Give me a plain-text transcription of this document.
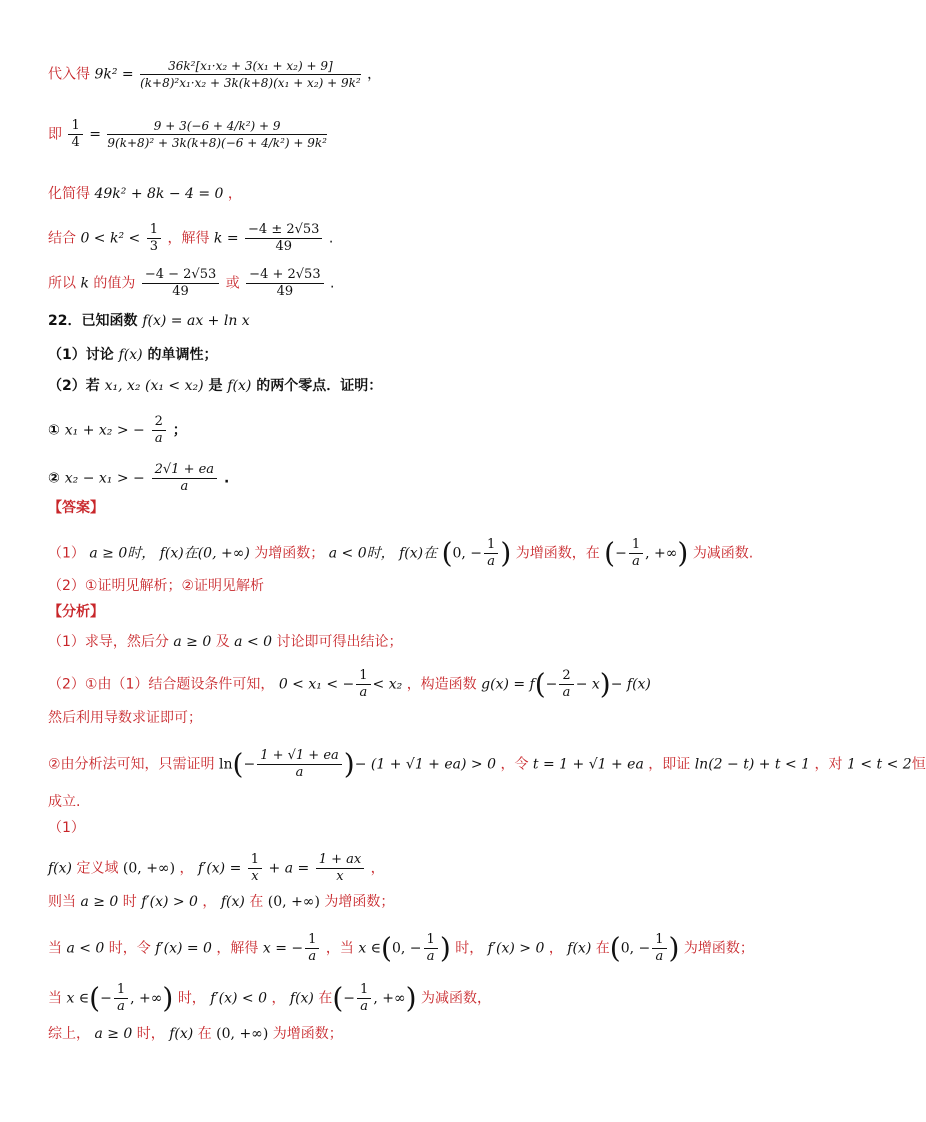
代入得 $9k^2 = \frac{\text{36k²[x₁·x₂ + 3(x₁ + x₂) + 9]}}{\text{(k+8)²x₁·x₂ + 3k(k+8)(x₁ + x₂) + 9k²}}$ ，
即 $\frac{1}{4} = \frac{\text{9 + 3(−6 + 4/k²) + 9}}{\text{9(k+8)² + 3k(k+8)(−6 + 4/k²) + 9k²}}$
化简得 49k² + 8k − 4 = 0 ，
结合 $0 < k^2 < \frac{1}{3}$ ，解得 $k = \frac{-4 \pm 2√53}{49}$ .
所以 k 的值为 $\frac{-4 - 2√53}{49}$ 或 $\frac{-4 + 2√53}{49}$ .
22．已知函数 f(x) = ax + ln x
（1）讨论 f(x) 的单调性；
（2）若 x₁, x₂ (x₁ < x₂) 是 f(x) 的两个零点．证明：
① x₁ + x₂ > − $\frac{2}{a}$ ；
② x₂ − x₁ > − $\frac{2√1 + ea}{a}$ .
【答案】
（1） a ≥ 0时， f(x)在(0, +∞) 为增函数； a < 0时， f(x)在 (0, − $\frac{1}{a}$ ) 为增函数，在 (− $\frac{1}{a}$ , +∞) 为减函数.
（2）①证明见解析；②证明见解析
【分析】
（1）求导，然后分 a ≥ 0 及 a < 0 讨论即可得出结论；
（2）①由（1）结合题设条件可知， 0 < x₁ < − $\frac{1}{a} < x_2$ ，构造函数 $g(x) = f(- \frac{2}{a} - x)- f(x)$
然后利用导数求证即可；
②由分析法可知，只需证明 $\ln(- \frac{1 + √1 + ea}{a}$ )− (1 + √1 + ea) > 0 ，令 t = 1 + √1 + ea ，即证 ln(2 − t) + t < 1 ，对 1 < t < 2恒
成立.
（1）
f(x) 定义域 (0, +∞) ， $f'(x) = \frac{1}{x} + a = \frac{1 + ax}{x}$ ，
则当 a ≥ 0 时 f′(x) > 0 ， f(x) 在 (0, +∞) 为增函数；
当 a < 0 时，令 f′(x) = 0 ，解得 x = − $\frac{1}{a}$ ，当 x ∈(0, − $\frac{1}{a}$ ) 时， f′(x) > 0 ， f(x) 在(0, − $\frac{1}{a}$ ) 为增函数；
当 x ∈(− $\frac{1}{a}$ , +∞) 时， f′(x) < 0 ， f(x) 在(− $\frac{1}{a}$ , +∞) 为减函数，
综上， a ≥ 0 时， f(x) 在 (0, +∞) 为增函数；
